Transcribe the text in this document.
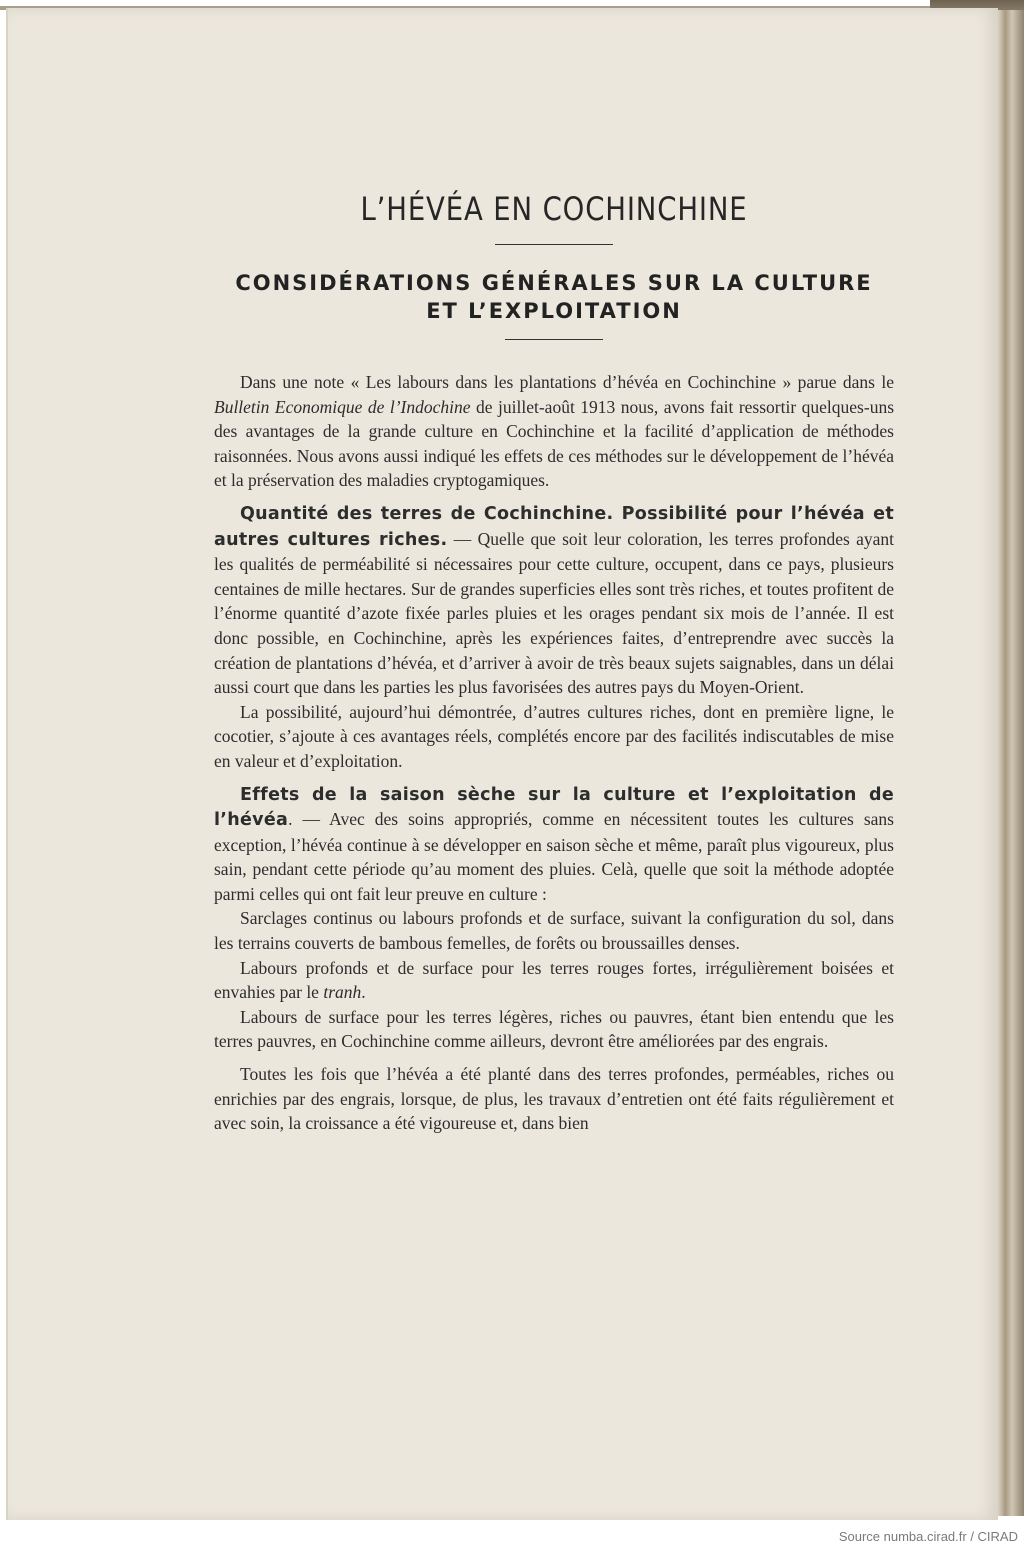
L’HÉVÉA EN COCHINCHINE
CONSIDÉRATIONS GÉNÉRALES SUR LA CULTURE
ET L’EXPLOITATION

Dans une note « Les labours dans les plantations d’hévéa en Cochinchine » parue dans le Bulletin Economique de l’Indochine de juillet-août 1913 nous, avons fait ressortir quelques-uns des avantages de la grande culture en Cochinchine et la facilité d’application de méthodes raisonnées. Nous avons aussi indiqué les effets de ces méthodes sur le développement de l’hévéa et la préservation des maladies cryptogamiques.

Quantité des terres de Cochinchine. Possibilité pour l’hévéa et autres cultures riches. — Quelle que soit leur coloration, les terres profondes ayant les qualités de perméabilité si nécessaires pour cette culture, occupent, dans ce pays, plusieurs centaines de mille hectares. Sur de grandes superficies elles sont très riches, et toutes profitent de l’énorme quantité d’azote fixée parles pluies et les orages pendant six mois de l’année. Il est donc possible, en Cochinchine, après les expériences faites, d’entreprendre avec succès la création de plantations d’hévéa, et d’arriver à avoir de très beaux sujets saignables, dans un délai aussi court que dans les parties les plus favorisées des autres pays du Moyen-Orient.

La possibilité, aujourd’hui démontrée, d’autres cultures riches, dont en première ligne, le cocotier, s’ajoute à ces avantages réels, complétés encore par des facilités indiscutables de mise en valeur et d’exploitation.

Effets de la saison sèche sur la culture et l’exploitation de l’hévéa. — Avec des soins appropriés, comme en nécessitent toutes les cultures sans exception, l’hévéa continue à se développer en saison sèche et même, paraît plus vigoureux, plus sain, pendant cette période qu’au moment des pluies. Celà, quelle que soit la méthode adoptée parmi celles qui ont fait leur preuve en culture :

Sarclages continus ou labours profonds et de surface, suivant la configuration du sol, dans les terrains couverts de bambous femelles, de forêts ou broussailles denses.

Labours profonds et de surface pour les terres rouges fortes, irrégulièrement boisées et envahies par le tranh.

Labours de surface pour les terres légères, riches ou pauvres, étant bien entendu que les terres pauvres, en Cochinchine comme ailleurs, devront être améliorées par des engrais.

Toutes les fois que l’hévéa a été planté dans des terres profondes, perméables, riches ou enrichies par des engrais, lorsque, de plus, les travaux d’entretien ont été faits régulièrement et avec soin, la croissance a été vigoureuse et, dans bien

Source numba.cirad.fr / CIRAD
